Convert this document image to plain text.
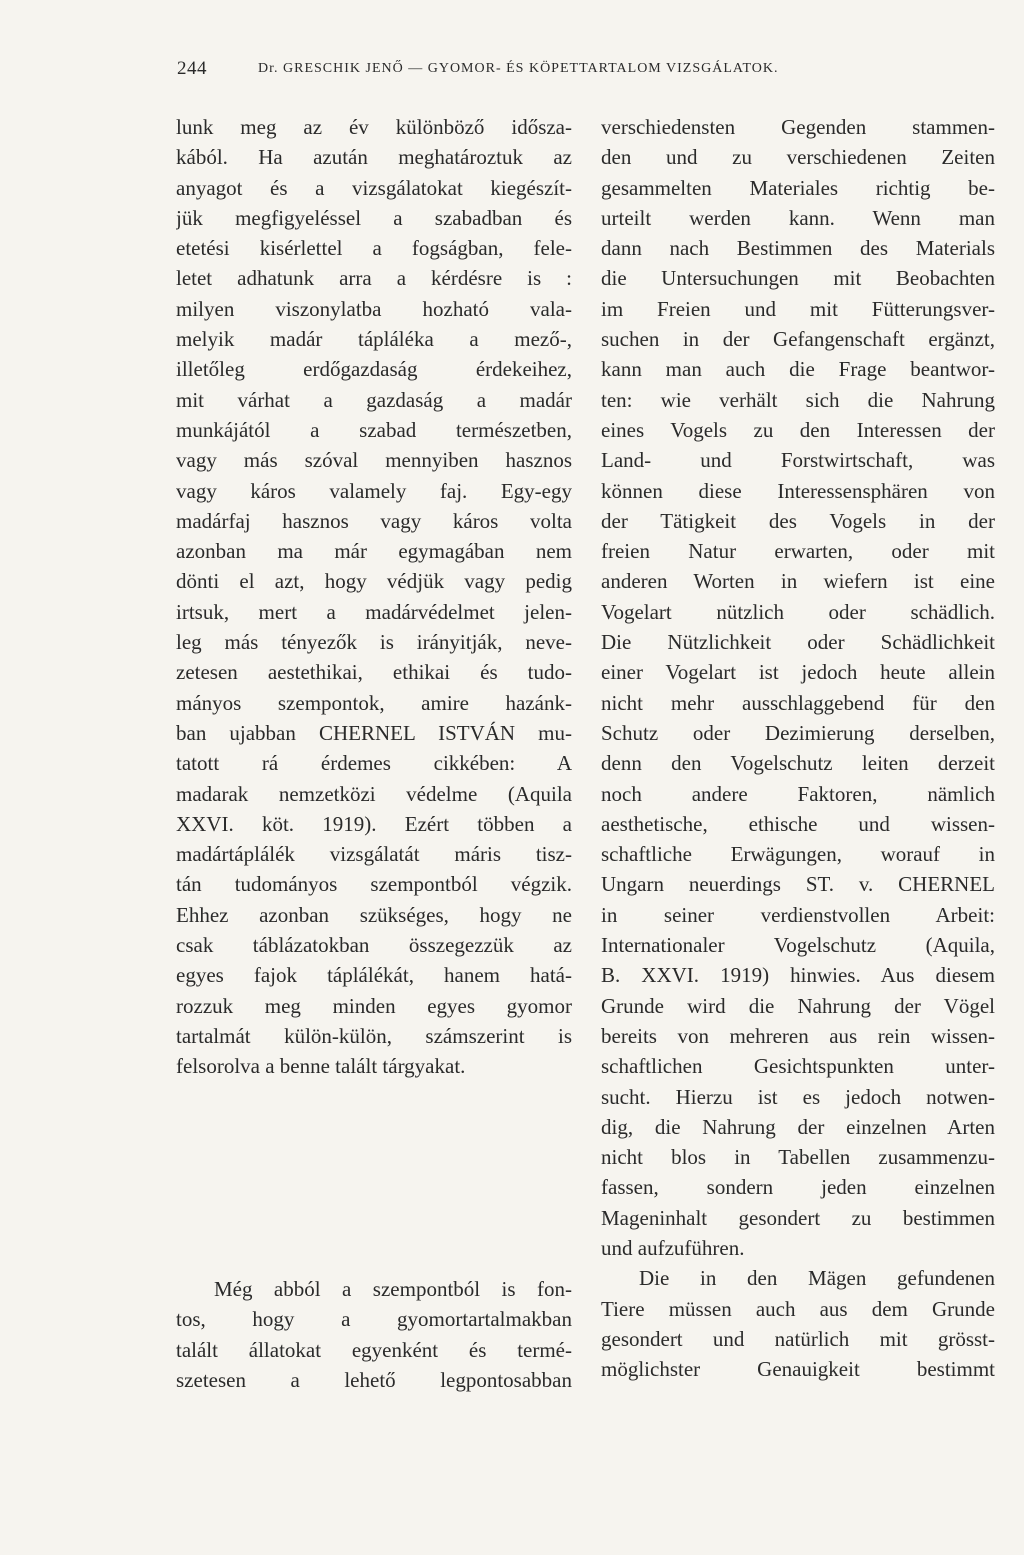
244	Dr. GRESCHIK JENŐ — GYOMOR- ÉS KÖPETTARTALOM VIZSGÁLATOK.
lunk meg az év különböző idősza-
kából. Ha azután meghatároztuk az
anyagot és a vizsgálatokat kiegészít-
jük megfigyeléssel a szabadban és
etetési kisérlettel a fogságban, fele-
letet adhatunk arra a kérdésre is :
milyen viszonylatba hozható vala-
melyik madár tápláléka a mező-,
illetőleg erdőgazdaság érdekeihez,
mit várhat a gazdaság a madár
munkájától a szabad természetben,
vagy más szóval mennyiben hasznos
vagy káros valamely faj. Egy-egy
madárfaj hasznos vagy káros volta
azonban ma már egymagában nem
dönti el azt, hogy védjük vagy pedig
irtsuk, mert a madárvédelmet jelen-
leg más tényezők is irányitják, neve-
zetesen aestethikai, ethikai és tudo-
mányos szempontok, amire hazánk-
ban ujabban CHERNEL ISTVÁN mu-
tatott rá érdemes cikkében: A
madarak nemzetközi védelme (Aquila
XXVI. köt. 1919). Ezért többen a
madártáplálék vizsgálatát máris tisz-
tán tudományos szempontból végzik.
Ehhez azonban szükséges, hogy ne
csak táblázatokban összegezzük az
egyes fajok táplálékát, hanem hatá-
rozzuk meg minden egyes gyomor
tartalmát külön-külön, számszerint is
felsorolva a benne talált tárgyakat.
Még abból a szempontból is fon-
tos, hogy a gyomortartalmakban
talált állatokat egyenként és termé-
szetesen a lehető legpontosabban
verschiedensten Gegenden stammen-
den und zu verschiedenen Zeiten
gesammelten Materiales richtig be-
urteilt werden kann. Wenn man
dann nach Bestimmen des Materials
die Untersuchungen mit Beobachten
im Freien und mit Fütterungsver-
suchen in der Gefangenschaft ergänzt,
kann man auch die Frage beantwor-
ten: wie verhält sich die Nahrung
eines Vogels zu den Interessen der
Land- und Forstwirtschaft, was
können diese Interessensphären von
der Tätigkeit des Vogels in der
freien Natur erwarten, oder mit
anderen Worten in wiefern ist eine
Vogelart nützlich oder schädlich.
Die Nützlichkeit oder Schädlichkeit
einer Vogelart ist jedoch heute allein
nicht mehr ausschlaggebend für den
Schutz oder Dezimierung derselben,
denn den Vogelschutz leiten derzeit
noch andere Faktoren, nämlich
aesthetische, ethische und wissen-
schaftliche Erwägungen, worauf in
Ungarn neuerdings ST. v. CHERNEL
in seiner verdienstvollen Arbeit:
Internationaler Vogelschutz (Aquila,
B. XXVI. 1919) hinwies. Aus diesem
Grunde wird die Nahrung der Vögel
bereits von mehreren aus rein wissen-
schaftlichen Gesichtspunkten unter-
sucht. Hierzu ist es jedoch notwen-
dig, die Nahrung der einzelnen Arten
nicht blos in Tabellen zusammenzu-
fassen, sondern jeden einzelnen
Mageninhalt gesondert zu bestimmen
und aufzuführen.
Die in den Mägen gefundenen
Tiere müssen auch aus dem Grunde
gesondert und natürlich mit grösst-
möglichster Genauigkeit bestimmt
